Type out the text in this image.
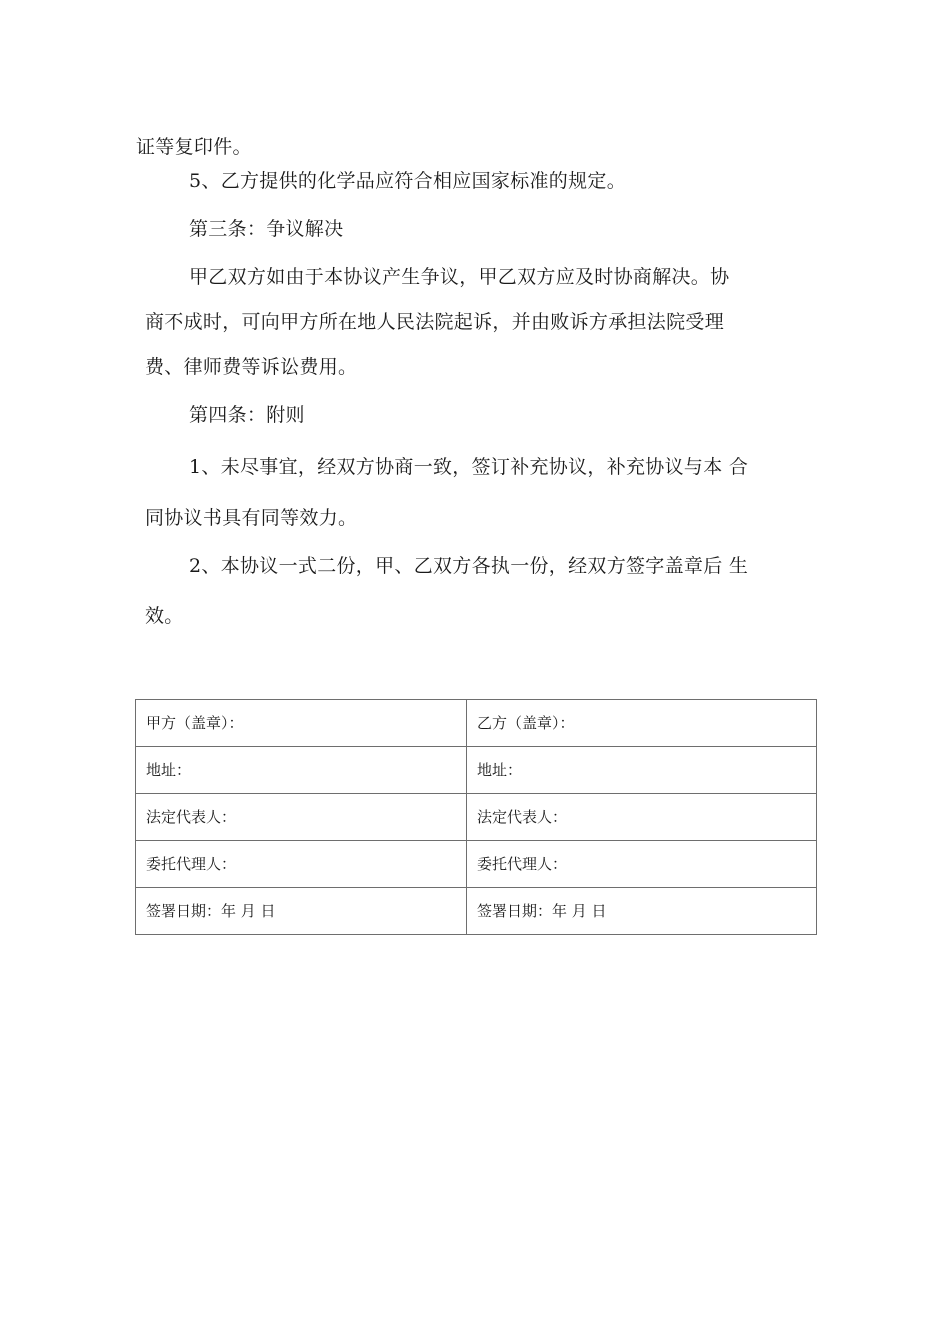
证等复印件。
5、乙方提供的化学品应符合相应国家标准的规定。
第三条：争议解决
甲乙双方如由于本协议产生争议，甲乙双方应及时协商解决。协
商不成时，可向甲方所在地人民法院起诉，并由败诉方承担法院受理
费、律师费等诉讼费用。
第四条：附则
1、未尽事宜，经双方协商一致，签订补充协议，补充协议与本 合
同协议书具有同等效力。
2、本协议一式二份，甲、乙双方各执一份，经双方签字盖章后 生
效。
甲方（盖章）：	乙方（盖章）：
地址：	地址：
法定代表人：	法定代表人：
委托代理人：	委托代理人：
签署日期：年 月 日	签署日期：年 月 日
